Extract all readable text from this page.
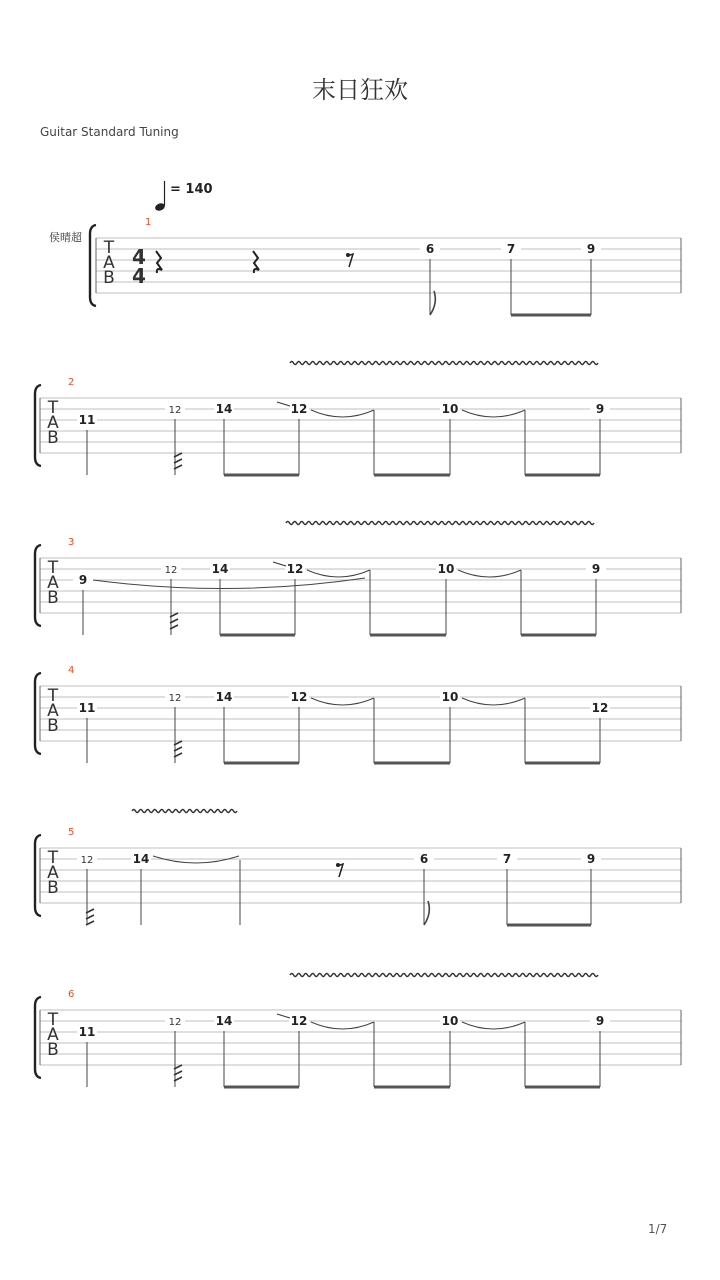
末日狂欢
Guitar Standard Tuning
1/7
= 140
侯晴超
T
A
B
1
4
4
6	7	9
T
A
B
2
11
12	14	12	10	9
T
A
B
3
9
12	14	12	10	9
T
A
B
4
11
12	14	12	10
12
T
A
B
5
12	14	6	7	9
T
A
B
6
11
12	14	12	10	9
